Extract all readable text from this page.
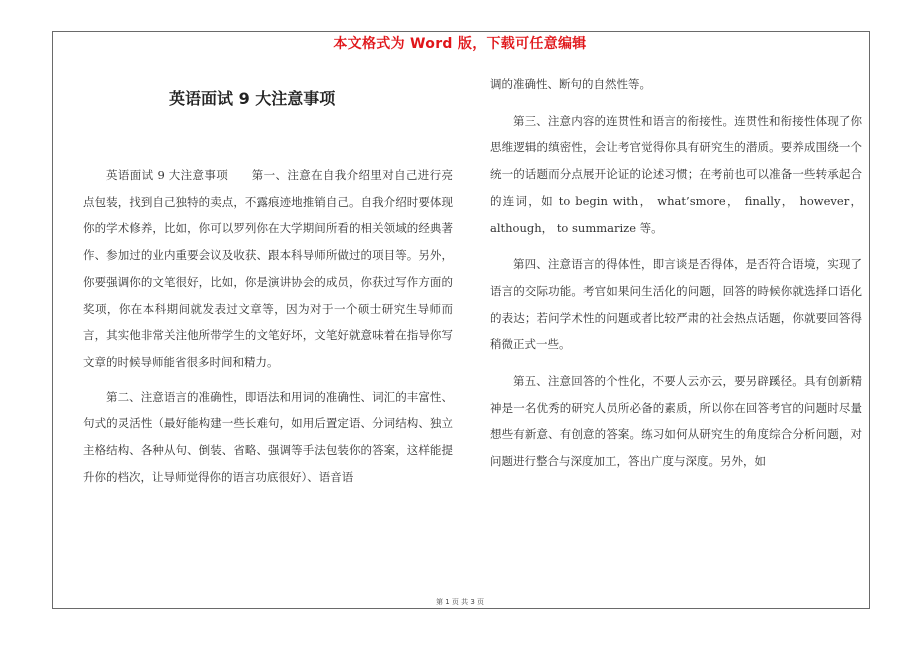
本文格式为 Word 版，下载可任意编辑
英语面试 9 大注意事项

英语面试 9 大注意事项　　第一、注意在自我介绍里对自己进行亮点包装，找到自己独特的卖点，不露痕迹地推销自己。自我介绍时要体现你的学术修养，比如，你可以罗列你在大学期间所看的相关领域的经典著作、参加过的业内重要会议及收获、跟本科导师所做过的项目等。另外，你要强调你的文笔很好，比如，你是演讲协会的成员，你获过写作方面的奖项，你在本科期间就发表过文章等，因为对于一个硕士研究生导师而言，其实他非常关注他所带学生的文笔好坏，文笔好就意味着在指导你写文章的时候导师能省很多时间和精力。

第二、注意语言的准确性，即语法和用词的准确性、词汇的丰富性、句式的灵活性（最好能构建一些长难句，如用后置定语、分词结构、独立主格结构、各种从句、倒装、省略、强调等手法包装你的答案，这样能提升你的档次，让导师觉得你的语言功底很好）、语音语

调的准确性、断句的自然性等。

第三、注意内容的连贯性和语言的衔接性。连贯性和衔接性体现了你思维逻辑的缜密性，会让考官觉得你具有研究生的潜质。要养成围绕一个统一的话题而分点展开论证的论述习惯；在考前也可以准备一些转承起合的连词，如 to begin with， what’smore， finally， however，although， to summarize 等。

第四、注意语言的得体性，即言谈是否得体，是否符合语境，实现了语言的交际功能。考官如果问生活化的问题，回答的時候你就选择口语化的表达；若问学术性的问题或者比较严肃的社会热点话题，你就要回答得稍微正式一些。

第五、注意回答的个性化，不要人云亦云，要另辟蹊径。具有创新精神是一名优秀的研究人员所必备的素质，所以你在回答考官的问题时尽量想些有新意、有创意的答案。练习如何从研究生的角度综合分析问题，对问题进行整合与深度加工，答出广度与深度。另外，如

第 1 页 共 3 页
